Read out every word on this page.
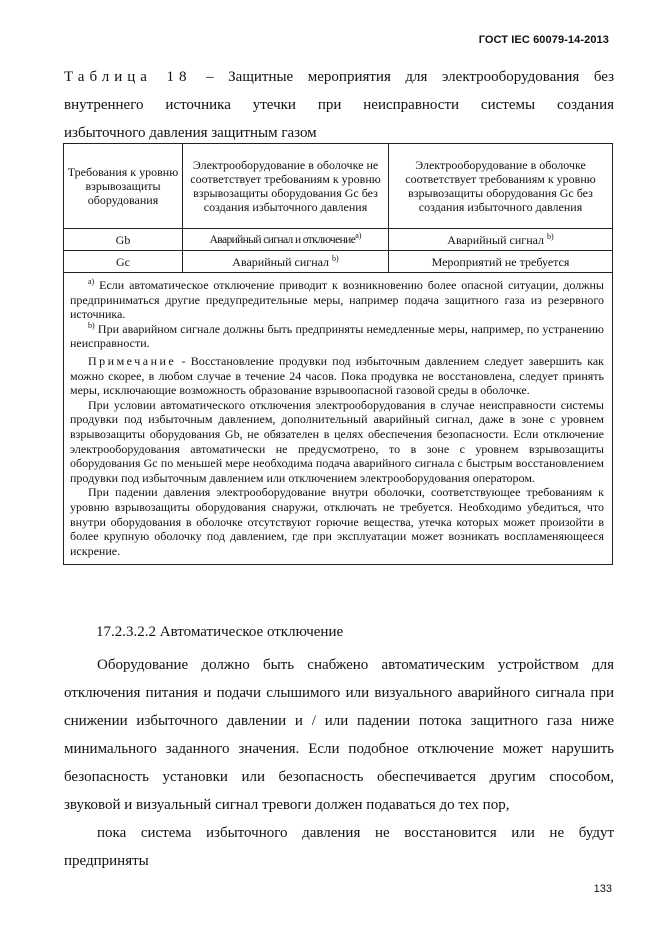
ГОСТ IEC 60079-14-2013
Таблица 18 – Защитные мероприятия для электрооборудования без
внутреннего источника утечки при неисправности системы создания
избыточного давления защитным газом
Требования к уровню взрывозащиты оборудования	Электрооборудование в оболочке не соответствует требованиям к уровню взрывозащиты оборудования Gc без создания избыточного давления	Электрооборудование в оболочке соответствует требованиям к уровню взрывозащиты оборудования Gc без создания избыточного давления
Gb	Аварийный сигнал и отключение$^{a)}$	Аварийный сигнал $^{b)}$
Gc	Аварийный сигнал $^{b)}$	Мероприятий не требуется

$^{a)}$ Если автоматическое отключение приводит к возникновению более опасной ситуации, должны предприниматься другие предупредительные меры, например подача защитного газа из резервного источника.

$^{b)}$ При аварийном сигнале должны быть предприняты немедленные меры, например, по устранению неисправности.

Примечание - Восстановление продувки под избыточным давлением следует завершить как можно скорее, в любом случае в течение 24 часов. Пока продувка не восстановлена, следует принять меры, исключающие возможность образование взрывоопасной газовой среды в оболочке.

При условии автоматического отключения электрооборудования в случае неисправности системы продувки под избыточным давлением, дополнительный аварийный сигнал, даже в зоне с уровнем взрывозащиты оборудования Gb, не обязателен в целях обеспечения безопасности. Если отключение электрооборудования автоматически не предусмотрено, то в зоне с уровнем взрывозащиты оборудования Gc по меньшей мере необходима подача аварийного сигнала с быстрым восстановлением продувки под избыточным давлением или отключением электрооборудования оператором.

При падении давления электрооборудование внутри оболочки, соответствующее требованиям к уровню взрывозащиты оборудования снаружи, отключать не требуется. Необходимо убедиться, что внутри оборудования в оболочке отсутствуют горючие вещества, утечка которых может произойти в более крупную оболочку под давлением, где при эксплуатации может возникать воспламеняющееся искрение.		

17.2.3.2.2 Автоматическое отключение

Оборудование должно быть снабжено автоматическим устройством для отключения питания и подачи слышимого или визуального аварийного сигнала при снижении избыточного давлении и / или падении потока защитного газа ниже минимального заданного значения. Если подобное отключение может нарушить безопасность установки или безопасность обеспечивается другим способом, звуковой и визуальный сигнал тревоги должен подаваться до тех пор,
пока система избыточного давления не восстановится или не будут предприняты

133
